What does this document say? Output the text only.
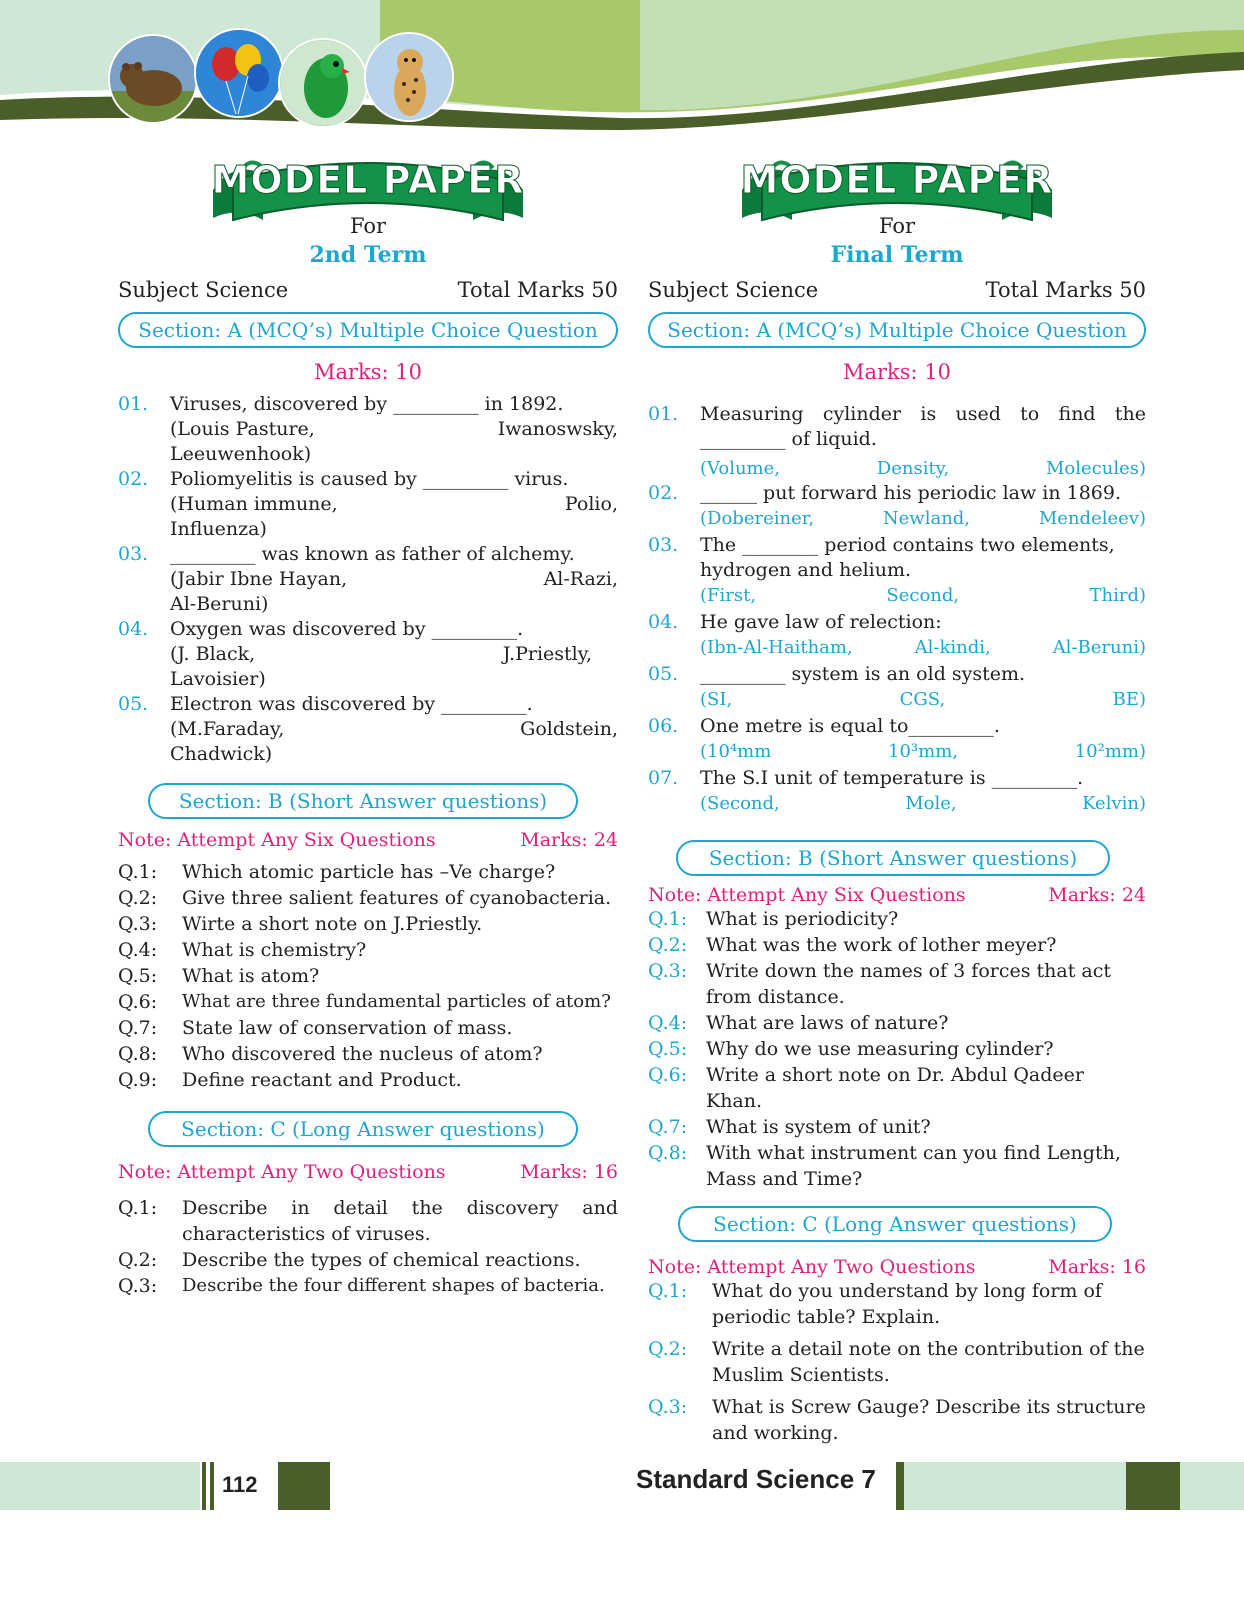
MODEL PAPER
For
2nd Term
Subject Science	Total Marks 50
Section: A (MCQ’s) Multiple Choice Question
Marks: 10
01.	Viruses, discovered by _________ in 1892.
(Louis Pasture,	Iwanoswsky,
Leeuwenhook)
02.	Poliomyelitis is caused by _________ virus.
(Human immune,	Polio,
Influenza)
03.	_________ was known as father of alchemy.
(Jabir Ibne Hayan,	Al-Razi,
Al-Beruni)
04.	Oxygen was discovered by _________.
(J. Black,	J.Priestly,
Lavoisier)
05.	Electron was discovered by _________.
(M.Faraday,	Goldstein,
Chadwick)
Section: B (Short Answer questions)
Note: Attempt Any Six Questions	Marks: 24
Q.1:	Which atomic particle has –Ve charge?
Q.2:	Give three salient features of cyanobacteria.
Q.3:	Wirte a short note on J.Priestly.
Q.4:	What is chemistry?
Q.5:	What is atom?
Q.6:	What are three fundamental particles of atom?
Q.7:	State law of conservation of mass.
Q.8:	Who discovered the nucleus of atom?
Q.9:	Define reactant and Product.
Section: C (Long Answer questions)
Note: Attempt Any Two Questions	Marks: 16
Q.1:	Describe in detail the discovery and characteristics of viruses.
Q.2:	Describe the types of chemical reactions.
Q.3:	Describe the four different shapes of bacteria.
MODEL PAPER
For
Final Term
Subject Science	Total Marks 50
Section: A (MCQ’s) Multiple Choice Question
Marks: 10
01.	Measuring cylinder is used to find the _________ of liquid.
(Volume,	Density,	Molecules)
02.	______ put forward his periodic law in 1869.
(Dobereiner,	Newland,	Mendeleev)
03.	The ________ period contains two elements, hydrogen and helium.
(First,	Second,	Third)
04.	He gave law of relection:
(Ibn-Al-Haitham,	Al-kindi,	Al-Beruni)
05.	_________ system is an old system.
(SI,	CGS,	BE)
06.	One metre is equal to_________.
(10⁴mm	10³mm,	10²mm)
07.	The S.I unit of temperature is _________.
(Second,	Mole,	Kelvin)
Section: B (Short Answer questions)
Note: Attempt Any Six Questions	Marks: 24
Q.1: What is periodicity?
Q.2: What was the work of lother meyer?
Q.3: Write down the names of 3 forces that act from distance.
Q.4: What are laws of nature?
Q.5: Why do we use measuring cylinder?
Q.6: Write a short note on Dr. Abdul Qadeer Khan.
Q.7: What is system of unit?
Q.8: With what instrument can you find Length, Mass and Time?
Section: C (Long Answer questions)
Note: Attempt Any Two Questions	Marks: 16
Q.1:	What do you understand by long form of periodic table? Explain.
Q.2:	Write a detail note on the contribution of the Muslim Scientists.
Q.3:	What is Screw Gauge? Describe its structure and working.
112	Standard Science 7
